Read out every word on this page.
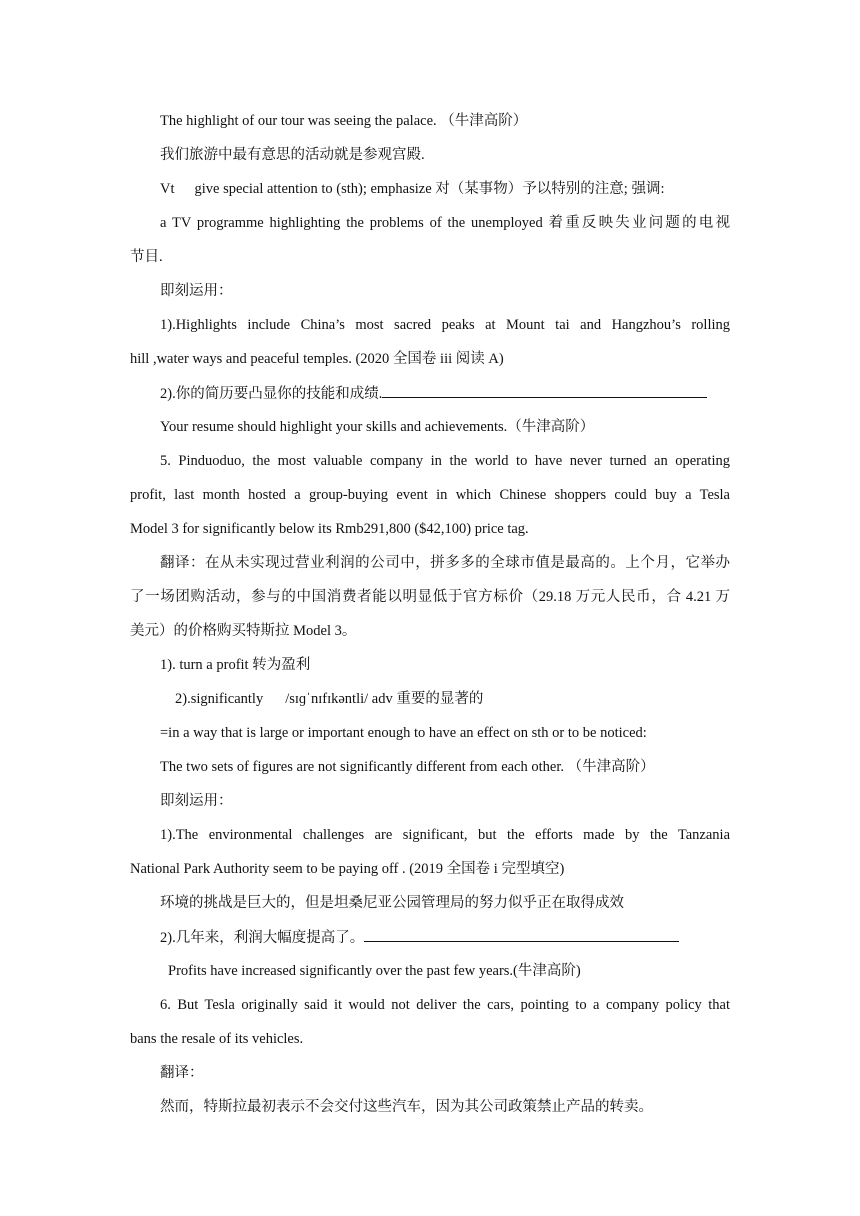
The highlight of our tour was seeing the palace. （牛津高阶）
我们旅游中最有意思的活动就是参观宫殿.
Vt give special attention to (sth); emphasize 对（某事物）予以特别的注意; 强调:
a TV programme highlighting the problems of the unemployed 着重反映失业问题的电视
节目.
即刻运用：
1).Highlights include China’s most sacred peaks at Mount tai and Hangzhou’s rolling
hill ,water ways and peaceful temples. (2020 全国卷 iii 阅读 A)
2).你的简历要凸显你的技能和成绩.
Your resume should highlight your skills and achievements.（牛津高阶）
5. Pinduoduo, the most valuable company in the world to have never turned an operating
profit, last month hosted a group-buying event in which Chinese shoppers could buy a Tesla
Model 3 for significantly below its Rmb291,800 ($42,100) price tag.
翻译：在从未实现过营业利润的公司中，拼多多的全球市值是最高的。上个月，它举办
了一场团购活动，参与的中国消费者能以明显低于官方标价（29.18 万元人民币，合 4.21 万
美元）的价格购买特斯拉 Model 3。
1). turn a profit 转为盈利
2).significantly /sɪɡˈnɪfɪkəntli/ adv 重要的显著的
=in a way that is large or important enough to have an effect on sth or to be noticed:
The two sets of figures are not significantly different from each other. （牛津高阶）
即刻运用：
1).The environmental challenges are significant, but the efforts made by the Tanzania
National Park Authority seem to be paying off . (2019 全国卷 i 完型填空)
环境的挑战是巨大的，但是坦桑尼亚公园管理局的努力似乎正在取得成效
2).几年来，利润大幅度提高了。
Profits have increased significantly over the past few years.(牛津高阶)
6. But Tesla originally said it would not deliver the cars, pointing to a company policy that
bans the resale of its vehicles.
翻译：
然而，特斯拉最初表示不会交付这些汽车，因为其公司政策禁止产品的转卖。
